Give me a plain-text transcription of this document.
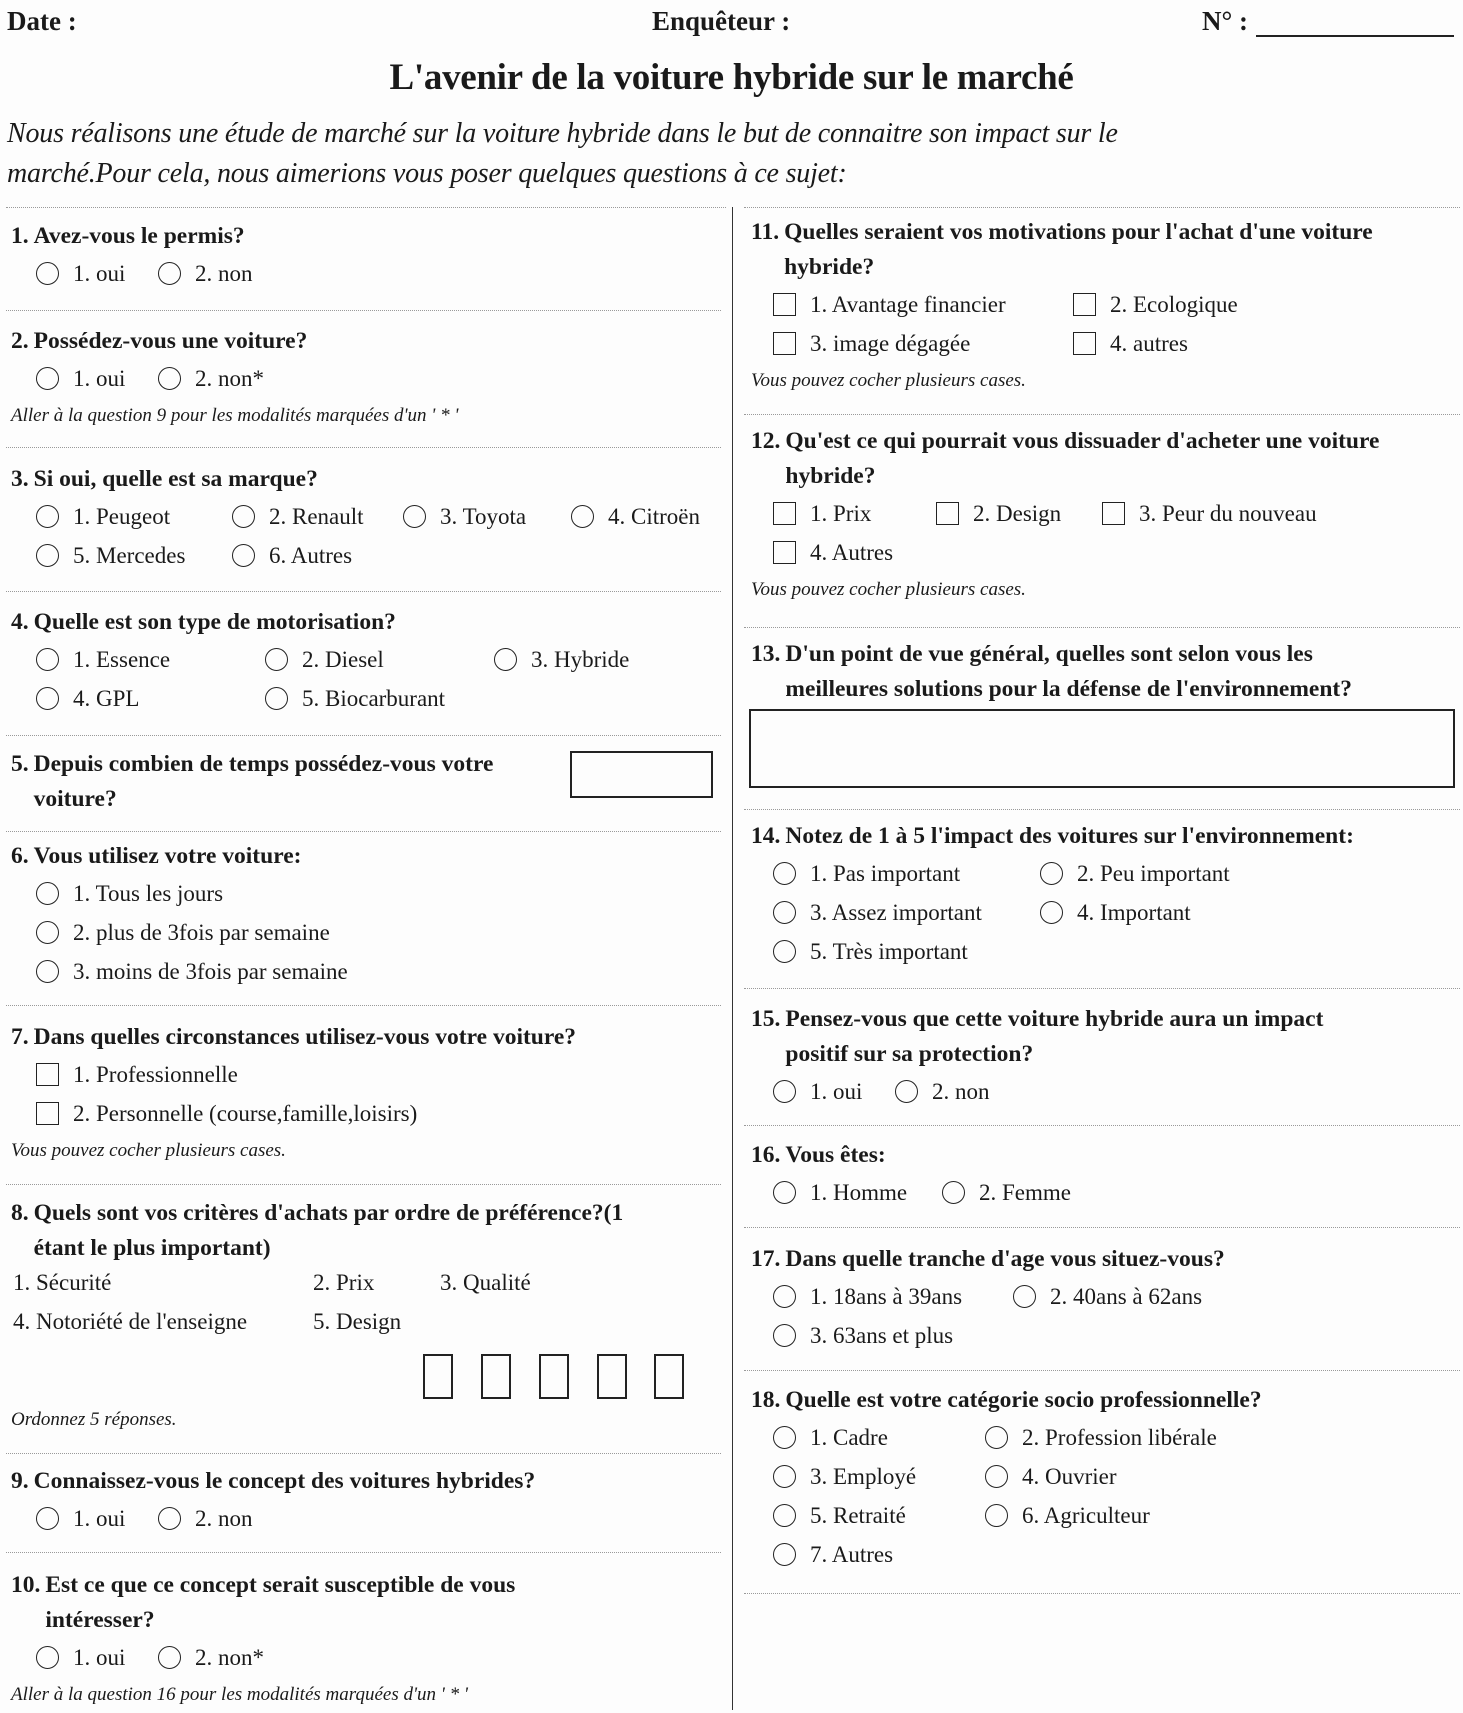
Date :	Enquêteur :	N° :
L'avenir de la voiture hybride sur le marché
Nous réalisons une étude de marché sur la voiture hybride dans le but de connaitre son impact sur le
marché.Pour cela, nous aimerions vous poser quelques questions à ce sujet:
1. Avez-vous le permis?
1. oui	2. non
2. Possédez-vous une voiture?
1. oui	2. non*
Aller à la question 9 pour les modalités marquées d'un ' * '
3. Si oui, quelle est sa marque?
1. Peugeot	2. Renault	3. Toyota	4. Citroën
5. Mercedes	6. Autres
4. Quelle est son type de motorisation?
1. Essence	2. Diesel	3. Hybride
4. GPL	5. Biocarburant
5. Depuis combien de temps possédez-vous votre
voiture?
6. Vous utilisez votre voiture:
1. Tous les jours
2. plus de 3fois par semaine
3. moins de 3fois par semaine
7. Dans quelles circonstances utilisez-vous votre voiture?
1. Professionnelle
2. Personnelle (course,famille,loisirs)
Vous pouvez cocher plusieurs cases.
8. Quels sont vos critères d'achats par ordre de préférence?(1
étant le plus important)
1. Sécurité	2. Prix	3. Qualité
4. Notoriété de l'enseigne	5. Design
Ordonnez 5 réponses.
9. Connaissez-vous le concept des voitures hybrides?
1. oui	2. non
10. Est ce que ce concept serait susceptible de vous
intéresser?
1. oui	2. non*
Aller à la question 16 pour les modalités marquées d'un ' * '
11. Quelles seraient vos motivations pour l'achat d'une voiture
hybride?
1. Avantage financier	2. Ecologique
3. image dégagée	4. autres
Vous pouvez cocher plusieurs cases.
12. Qu'est ce qui pourrait vous dissuader d'acheter une voiture
hybride?
1. Prix	2. Design	3. Peur du nouveau
4. Autres
Vous pouvez cocher plusieurs cases.
13. D'un point de vue général, quelles sont selon vous les
meilleures solutions pour la défense de l'environnement?
14. Notez de 1 à 5 l'impact des voitures sur l'environnement:
1. Pas important	2. Peu important
3. Assez important	4. Important
5. Très important
15. Pensez-vous que cette voiture hybride aura un impact
positif sur sa protection?
1. oui	2. non
16. Vous êtes:
1. Homme	2. Femme
17. Dans quelle tranche d'age vous situez-vous?
1. 18ans à 39ans	2. 40ans à 62ans
3. 63ans et plus
18. Quelle est votre catégorie socio professionnelle?
1. Cadre	2. Profession libérale
3. Employé	4. Ouvrier
5. Retraité	6. Agriculteur
7. Autres
